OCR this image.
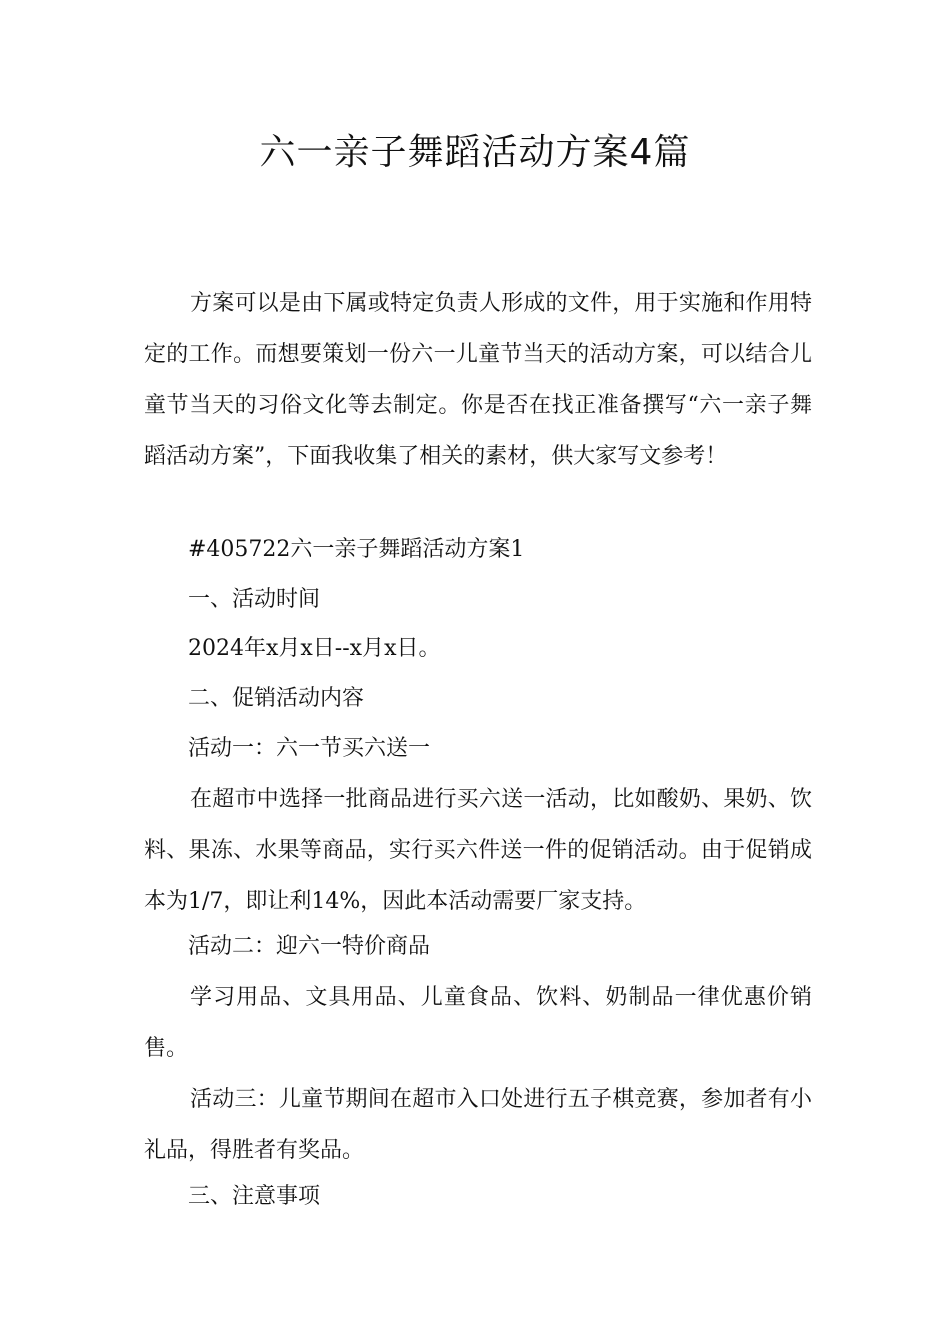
六一亲子舞蹈活动方案4篇

方案可以是由下属或特定负责人形成的文件，用于实施和作用特定的工作。而想要策划一份六一儿童节当天的活动方案，可以结合儿童节当天的习俗文化等去制定。你是否在找正准备撰写“六一亲子舞蹈活动方案”，下面我收集了相关的素材，供大家写文参考！

#405722六一亲子舞蹈活动方案1

一、活动时间

2024年x月x日--x月x日。

二、促销活动内容

活动一：六一节买六送一

在超市中选择一批商品进行买六送一活动，比如酸奶、果奶、饮料、果冻、水果等商品，实行买六件送一件的促销活动。由于促销成本为1/7，即让利14%，因此本活动需要厂家支持。

活动二：迎六一特价商品

学习用品、文具用品、儿童食品、饮料、奶制品一律优惠价销售。

活动三：儿童节期间在超市入口处进行五子棋竞赛，参加者有小礼品，得胜者有奖品。

三、注意事项
